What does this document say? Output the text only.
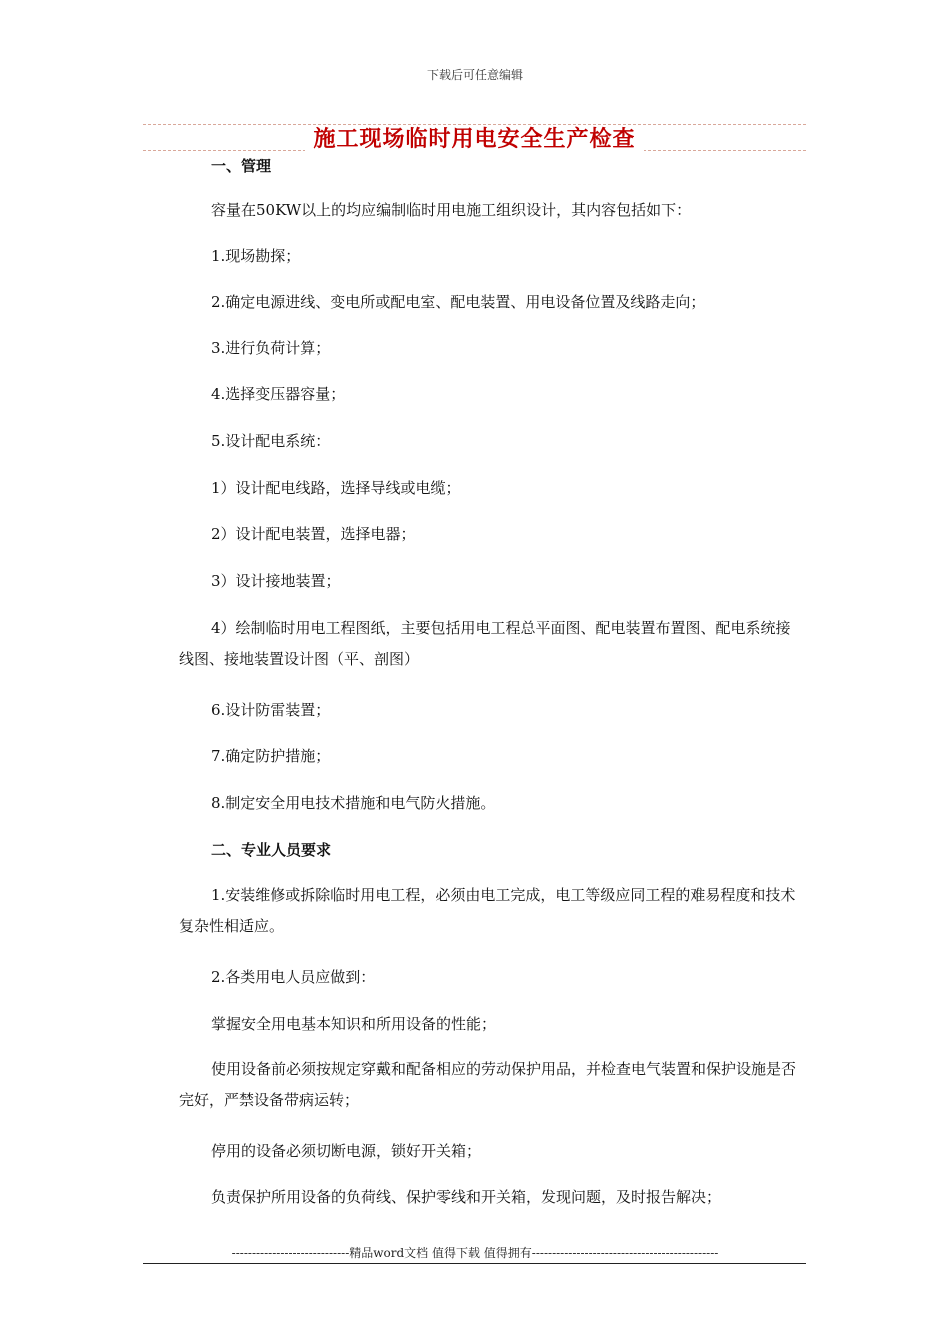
下载后可任意编辑
施工现场临时用电安全生产检查

一、管理

容量在50KW以上的均应编制临时用电施工组织设计，其内容包括如下：

1.现场勘探；

2.确定电源进线、变电所或配电室、配电装置、用电设备位置及线路走向；

3.进行负荷计算；

4.选择变压器容量；

5.设计配电系统：

1）设计配电线路，选择导线或电缆；

2）设计配电装置，选择电器；

3）设计接地装置；

4）绘制临时用电工程图纸，主要包括用电工程总平面图、配电装置布置图、配电系统接线图、接地装置设计图（平、剖图）

6.设计防雷装置；

7.确定防护措施；

8.制定安全用电技术措施和电气防火措施。

二、专业人员要求

1.安装维修或拆除临时用电工程，必须由电工完成，电工等级应同工程的难易程度和技术复杂性相适应。

2.各类用电人员应做到：

掌握安全用电基本知识和所用设备的性能；

使用设备前必须按规定穿戴和配备相应的劳动保护用品，并检查电气装置和保护设施是否完好，严禁设备带病运转；

停用的设备必须切断电源，锁好开关箱；

负责保护所用设备的负荷线、保护零线和开关箱，发现问题，及时报告解决；

-----------------------------精品word文档 值得下载 值得拥有----------------------------------------------
